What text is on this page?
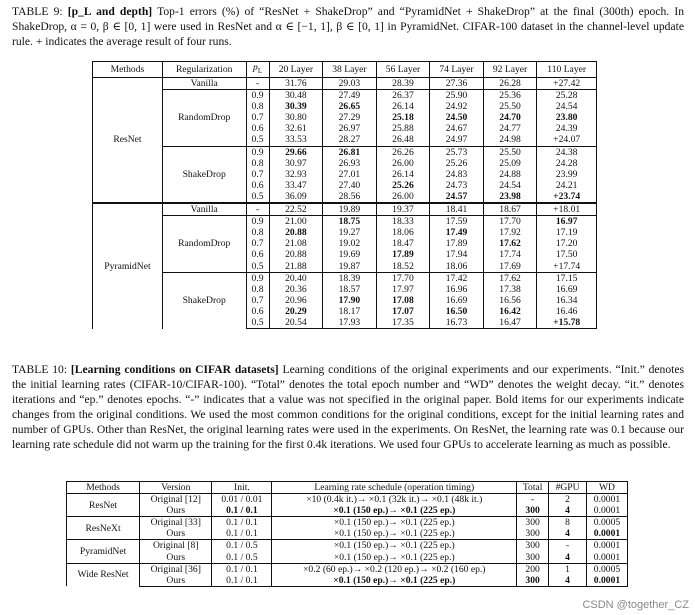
TABLE 9: [p_L and depth] Top-1 errors (%) of “ResNet + ShakeDrop” and “PyramidNet + ShakeDrop” at the final (300th) epoch. In ShakeDrop, α = 0, β ∈ [0, 1] were used in ResNet and α ∈ [−1, 1], β ∈ [0, 1] in PyramidNet. CIFAR-100 dataset in the channel-level update rule. + indicates the average result of four runs.
Methods	Regularization	$p_L$	20 Layer	38 Layer	56 Layer	74 Layer	92 Layer	110 Layer
ResNet	Vanilla	-	31.76	29.03	28.39	27.36	26.28	+27.42
	RandomDrop	0.9	30.48	27.49	26.37	25.90	25.36	25.28
		0.8	30.39	26.65	26.14	24.92	25.50	24.54
		0.7	30.80	27.29	25.18	24.50	24.70	23.80
		0.6	32.61	26.97	25.88	24.67	24.77	24.39
		0.5	33.53	28.27	26.48	24.97	24.98	+24.07
	ShakeDrop	0.9	29.66	26.81	26.26	25.73	25.50	24.38
		0.8	30.97	26.93	26.00	25.26	25.09	24.28
		0.7	32.93	27.01	26.14	24.83	24.88	23.99
		0.6	33.47	27.40	25.26	24.73	24.54	24.21
		0.5	36.09	28.56	26.00	24.57	23.98	+23.74
PyramidNet	Vanilla	-	22.52	19.89	19.37	18.41	18.67	+18.01
	RandomDrop	0.9	21.00	18.75	18.33	17.59	17.70	16.97
		0.8	20.88	19.27	18.06	17.49	17.92	17.19
		0.7	21.08	19.02	18.47	17.89	17.62	17.20
		0.6	20.88	19.69	17.89	17.94	17.74	17.50
		0.5	21.88	19.87	18.52	18.06	17.69	+17.74
	ShakeDrop	0.9	20.40	18.39	17.70	17.42	17.62	17.15
		0.8	20.36	18.57	17.97	16.96	17.38	16.69
		0.7	20.96	17.90	17.08	16.69	16.56	16.34
		0.6	20.29	18.17	17.07	16.50	16.42	16.46
		0.5	20.54	17.93	17.35	16.73	16.47	+15.78
TABLE 10: [Learning conditions on CIFAR datasets] Learning conditions of the original experiments and our experiments. “Init.” denotes the initial learning rates (CIFAR-10/CIFAR-100). “Total” denotes the total epoch number and “WD” denotes the weight decay. “it.” denotes iterations and “ep.” denotes epochs. “-” indicates that a value was not specified in the original paper. Bold items for our experiments indicate changes from the original conditions. We used the most common conditions for the original conditions, except for the initial learning rates and number of GPUs. Other than ResNet, the original learning rates were used in the experiments. On ResNet, the learning rate was 0.1 because our learning rate schedule did not warm up the training for the first 0.4k iterations. We used four GPUs to accelerate learning as much as possible.
Methods	Version	Init.	Learning rate schedule (operation timing)	Total	#GPU	WD
ResNet	Original [12]	0.01 / 0.01	×10 (0.4k it.)→ ×0.1 (32k it.)→ ×0.1 (48k it.)	-	2	0.0001
	Ours	0.1 / 0.1	×0.1 (150 ep.)→ ×0.1 (225 ep.)	300	4	0.0001
ResNeXt	Original [33]	0.1 / 0.1	×0.1 (150 ep.)→ ×0.1 (225 ep.)	300	8	0.0005
	Ours	0.1 / 0.1	×0.1 (150 ep.)→ ×0.1 (225 ep.)	300	4	0.0001
PyramidNet	Original [8]	0.1 / 0.5	×0.1 (150 ep.)→ ×0.1 (225 ep.)	300	-	0.0001
	Ours	0.1 / 0.5	×0.1 (150 ep.)→ ×0.1 (225 ep.)	300	4	0.0001
Wide ResNet	Original [36]	0.1 / 0.1	×0.2 (60 ep.)→ ×0.2 (120 ep.)→ ×0.2 (160 ep.)	200	1	0.0005
	Ours	0.1 / 0.1	×0.1 (150 ep.)→ ×0.1 (225 ep.)	300	4	0.0001
CSDN @together_CZ
